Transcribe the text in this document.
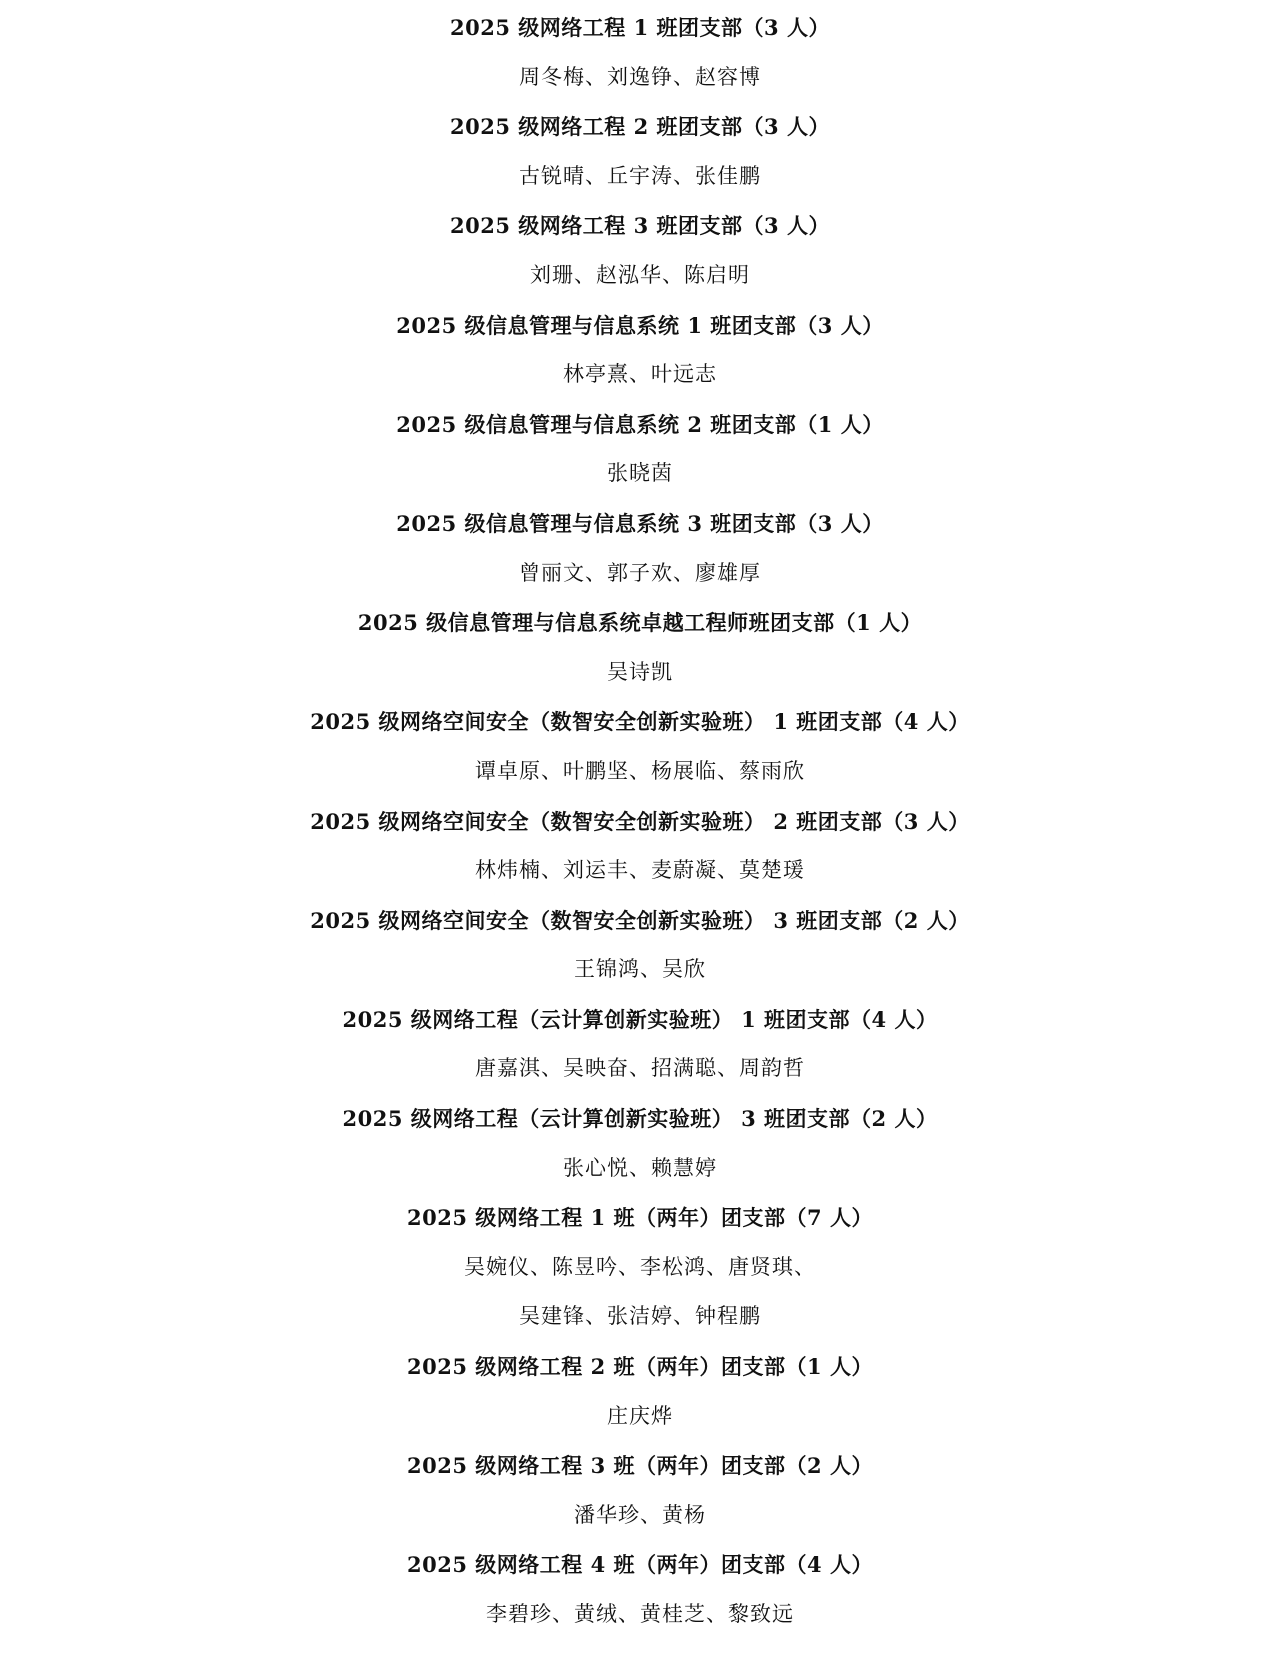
2025 级网络工程 1 班团支部（3 人）
周冬梅、刘逸铮、赵容博
2025 级网络工程 2 班团支部（3 人）
古锐晴、丘宇涛、张佳鹏
2025 级网络工程 3 班团支部（3 人）
刘珊、赵泓华、陈启明
2025 级信息管理与信息系统 1 班团支部（3 人）
林亭熹、叶远志
2025 级信息管理与信息系统 2 班团支部（1 人）
张晓茵
2025 级信息管理与信息系统 3 班团支部（3 人）
曾丽文、郭子欢、廖雄厚
2025 级信息管理与信息系统卓越工程师班团支部（1 人）
吴诗凯
2025 级网络空间安全（数智安全创新实验班） 1 班团支部（4 人）
谭卓原、叶鹏坚、杨展临、蔡雨欣
2025 级网络空间安全（数智安全创新实验班） 2 班团支部（3 人）
林炜楠、刘运丰、麦蔚凝、莫楚瑗
2025 级网络空间安全（数智安全创新实验班） 3 班团支部（2 人）
王锦鸿、吴欣
2025 级网络工程（云计算创新实验班） 1 班团支部（4 人）
唐嘉淇、吴映奋、招满聪、周韵哲
2025 级网络工程（云计算创新实验班） 3 班团支部（2 人）
张心悦、赖慧婷
2025 级网络工程 1 班（两年）团支部（7 人）
吴婉仪、陈昱吟、李松鸿、唐贤琪、
吴建锋、张洁婷、钟程鹏
2025 级网络工程 2 班（两年）团支部（1 人）
庄庆烨
2025 级网络工程 3 班（两年）团支部（2 人）
潘华珍、黄杨
2025 级网络工程 4 班（两年）团支部（4 人）
李碧珍、黄绒、黄桂芝、黎致远
